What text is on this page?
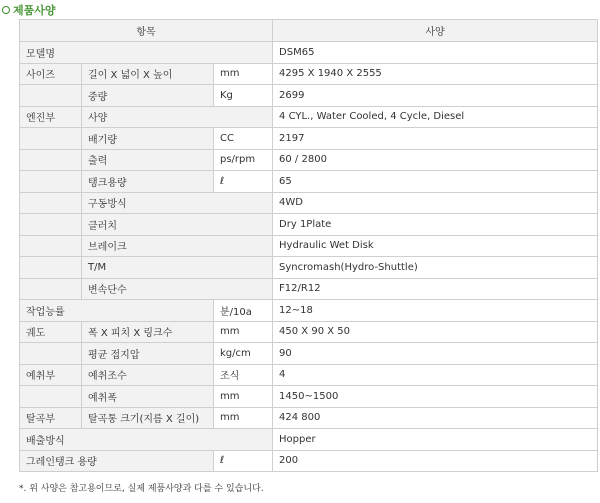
제품사양
항목			사양
모델명			DSM65
사이즈	길이 X 넓이 X 높이	mm	4295 X 1940 X 2555
	중량	Kg	2699
엔진부	사양		4 CYL., Water Cooled, 4 Cycle, Diesel
	배기량	CC	2197
	출력	ps/rpm	60 / 2800
	탱크용량	ℓ	65
	구동방식		4WD
	클러치		Dry 1Plate
	브레이크		Hydraulic Wet Disk
	T/M		Syncromash(Hydro-Shuttle)
	변속단수		F12/R12
작업능률		분/10a	12~18
궤도	폭 X 피치 X 링크수	mm	450 X 90 X 50
	평균 접지압	kg/cm	90
예취부	예취조수	조식	4
	예취폭	mm	1450~1500
탈곡부	탈곡통 크기(지름 X 길이)	mm	424 800
배출방식			Hopper
그레인탱크 용량		ℓ	200
*. 위 사양은 참고용이므로, 실제 제품사양과 다를 수 있습니다.
